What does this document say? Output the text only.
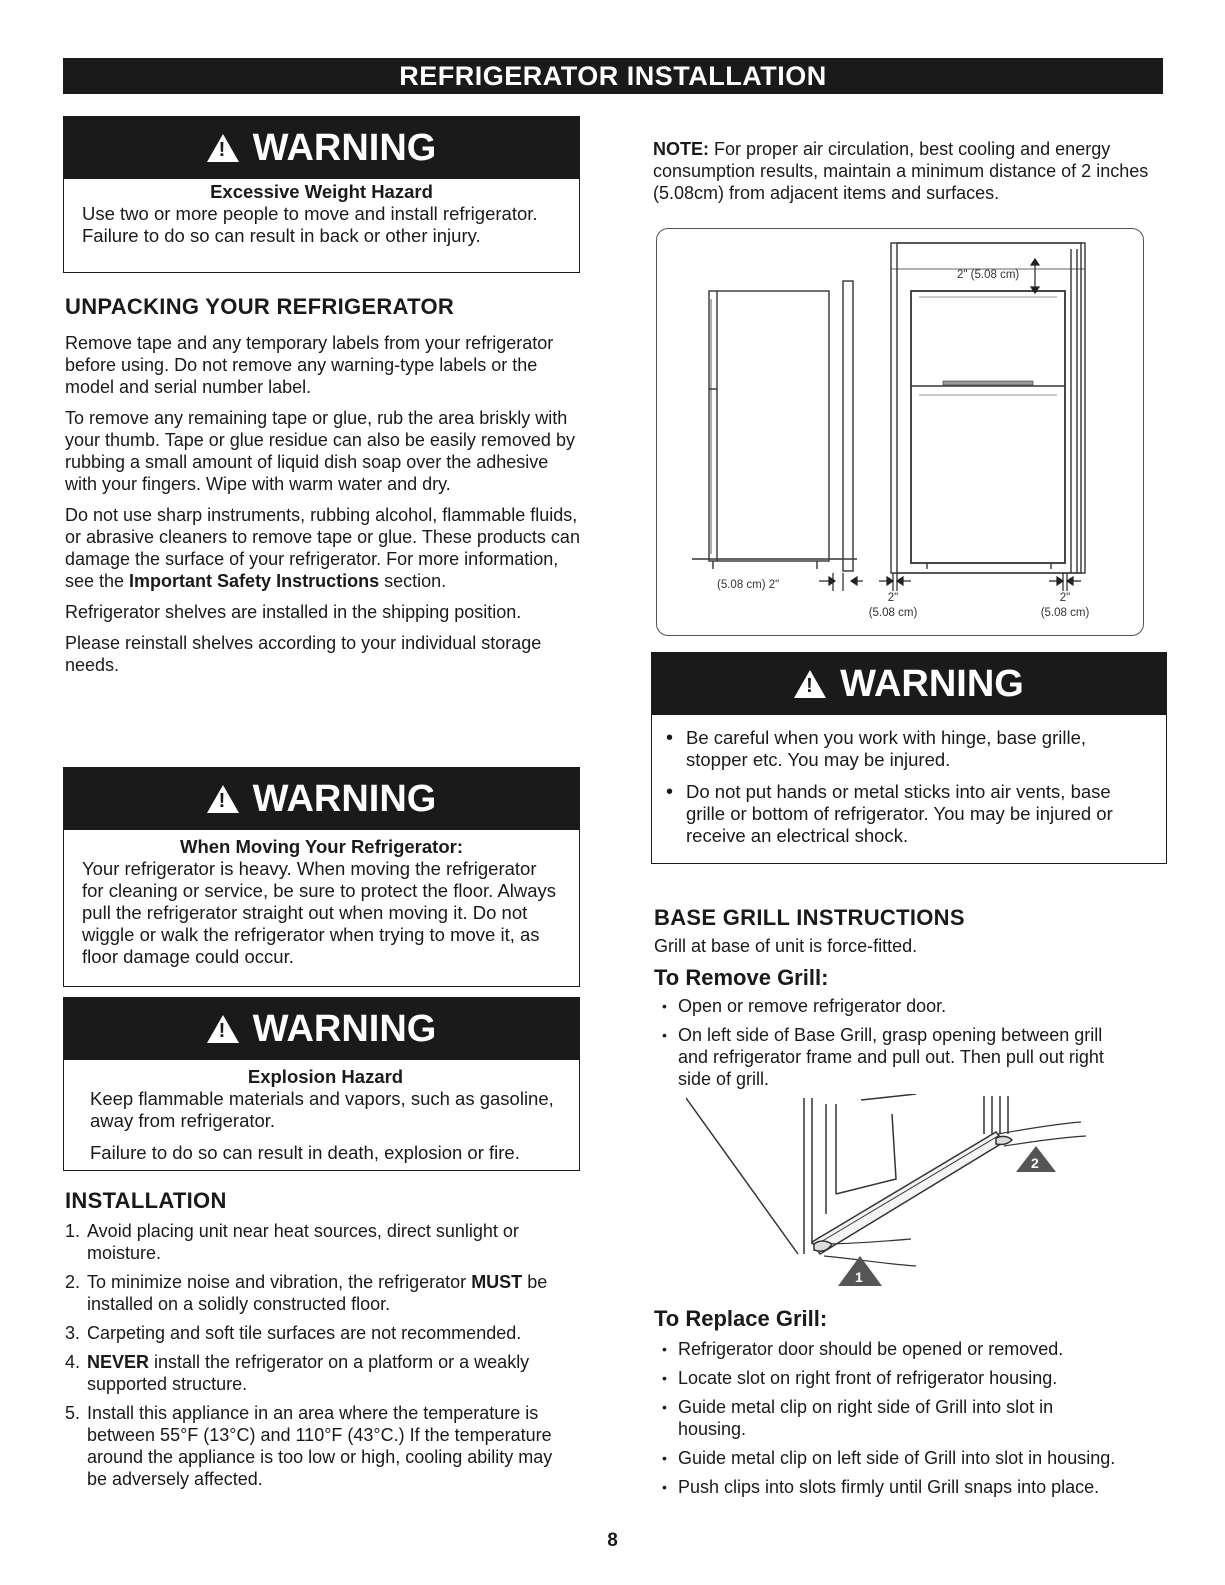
REFRIGERATOR INSTALLATION
!WARNING
Excessive Weight Hazard
Use two or more people to move and install refrigerator.
Failure to do so can result in back or other injury.
UNPACKING YOUR REFRIGERATOR

Remove tape and any temporary labels from your refrigerator before using. Do not remove any warning-type labels or the model and serial number label.

To remove any remaining tape or glue, rub the area briskly with your thumb. Tape or glue residue can also be easily removed by rubbing a small amount of liquid dish soap over the adhesive with your fingers. Wipe with warm water and dry.

Do not use sharp instruments, rubbing alcohol, flammable fluids, or abrasive cleaners to remove tape or glue. These products can damage the surface of your refrigerator. For more information, see the Important Safety Instructions section.

Refrigerator shelves are installed in the shipping position.

Please reinstall shelves according to your individual storage needs.

!WARNING
When Moving Your Refrigerator:
Your refrigerator is heavy. When moving the refrigerator for cleaning or service, be sure to protect the floor. Always pull the refrigerator straight out when moving it. Do not wiggle or walk the refrigerator when trying to move it, as floor damage could occur.
!WARNING
Explosion Hazard
Keep flammable materials and vapors, such as gasoline, away from refrigerator.
Failure to do so can result in death, explosion or fire.
INSTALLATION
1. Avoid placing unit near heat sources, direct sunlight or moisture.
2. To minimize noise and vibration, the refrigerator MUST be installed on a solidly constructed floor.
3. Carpeting and soft tile surfaces are not recommended.
4. NEVER install the refrigerator on a platform or a weakly supported structure.
5. Install this appliance in an area where the temperature is between 55°F (13°C) and 110°F (43°C.) If the temperature around the appliance is too low or high, cooling ability may be adversely affected.
NOTE: For proper air circulation, best cooling and energy consumption results, maintain a minimum distance of 2 inches (5.08cm) from adjacent items and surfaces.
2" (5.08 cm)
(5.08 cm) 2"
2"
(5.08 cm)
2"
(5.08 cm)
!WARNING
• Be careful when you work with hinge, base grille, stopper etc. You may be injured.
• Do not put hands or metal sticks into air vents, base grille or bottom of refrigerator. You may be injured or receive an electrical shock.
BASE GRILL INSTRUCTIONS
Grill at base of unit is force-fitted.
To Remove Grill:
• Open or remove refrigerator door.
• On left side of Base Grill, grasp opening between grill and refrigerator frame and pull out. Then pull out right side of grill.
2
1
To Replace Grill:
• Refrigerator door should be opened or removed.
• Locate slot on right front of refrigerator housing.
• Guide metal clip on right side of Grill into slot in housing.
• Guide metal clip on left side of Grill into slot in housing.
• Push clips into slots firmly until Grill snaps into place.
8
